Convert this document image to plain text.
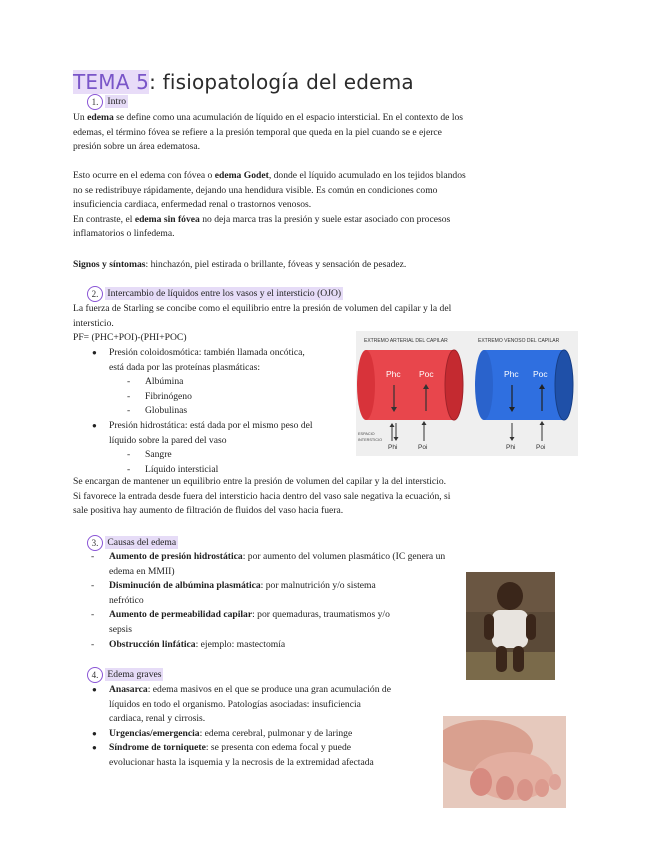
TEMA 5: fisiopatología del edema
1. Intro
Un edema se define como una acumulación de líquido en el espacio intersticial. En el contexto de los
edemas, el término fóvea se refiere a la presión temporal que queda en la piel cuando se e ejerce
presión sobre un área edematosa.
Esto ocurre en el edema con fóvea o edema Godet, donde el líquido acumulado en los tejidos blandos
no se redistribuye rápidamente, dejando una hendidura visible. Es común en condiciones como
insuficiencia cardiaca, enfermedad renal o trastornos venosos.
En contraste, el edema sin fóvea no deja marca tras la presión y suele estar asociado con procesos
inflamatorios o linfedema.
Signos y síntomas: hinchazón, piel estirada o brillante, fóveas y sensación de pesadez.
2. Intercambio de líquidos entre los vasos y el intersticio (OJO)
La fuerza de Starling se concibe como el equilibrio entre la presión de volumen del capilar y la del
intersticio.
PF= (PHC+POI)-(PHI+POC)
● Presión coloidosmótica: también llamada oncótica,
está dada por las proteínas plasmáticas:
- Albúmina
- Fibrinógeno
- Globulinas
● Presión hidrostática: está dada por el mismo peso del
líquido sobre la pared del vaso
- Sangre
- Líquido intersticial
EXTREMO ARTERIAL DEL CAPILAR	EXTREMO VENOSO DEL CAPILAR
Phc Poc
ESPACIO
INTERSTICIO
Phi	Poi
Phc Poc
Phi	Poi
Se encargan de mantener un equilibrio entre la presión de volumen del capilar y la del intersticio.
Si favorece la entrada desde fuera del intersticio hacia dentro del vaso sale negativa la ecuación, si
sale positiva hay aumento de filtración de fluidos del vaso hacia fuera.
3. Causas del edema
- Aumento de presión hidrostática: por aumento del volumen plasmático (IC genera un
edema en MMII)
- Disminución de albúmina plasmática: por malnutrición y/o sistema
nefrótico
- Aumento de permeabilidad capilar: por quemaduras, traumatismos y/o
sepsis
- Obstrucción linfática: ejemplo: mastectomía
4. Edema graves
● Anasarca: edema masivos en el que se produce una gran acumulación de
líquidos en todo el organismo. Patologías asociadas: insuficiencia
cardiaca, renal y cirrosis.
● Urgencias/emergencia: edema cerebral, pulmonar y de laringe
● Síndrome de torniquete: se presenta con edema focal y puede
evolucionar hasta la isquemia y la necrosis de la extremidad afectada
